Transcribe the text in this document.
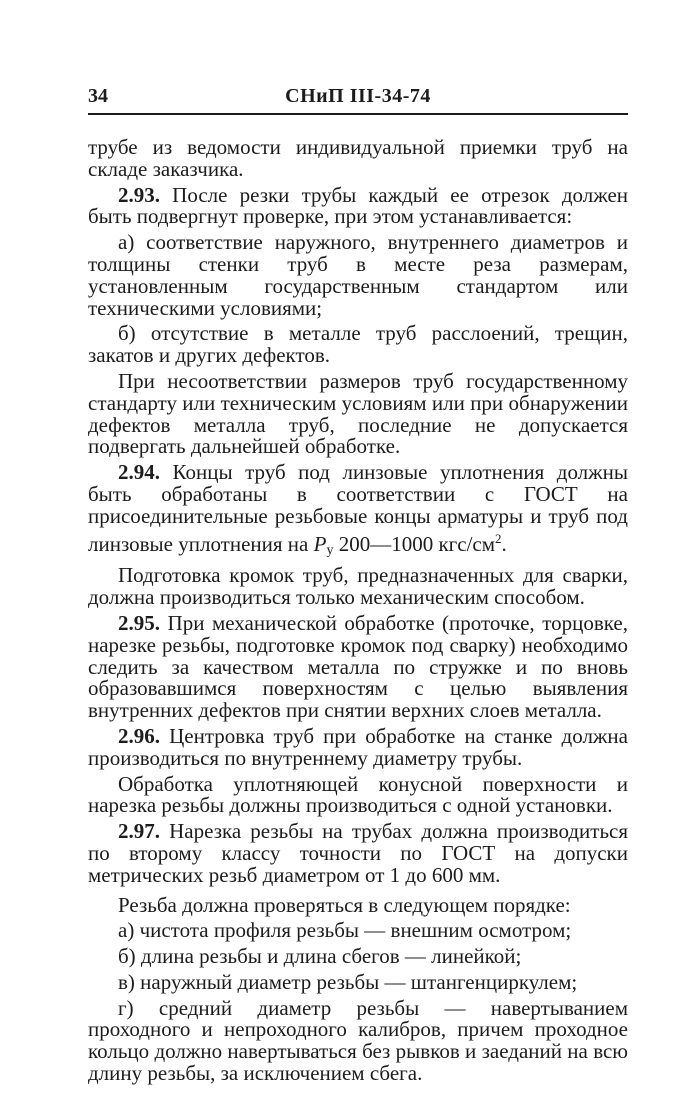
34	СНиП III-34-74

трубе из ведомости индивидуальной приемки труб на складе заказчика.

2.93. После резки трубы каждый ее отрезок должен быть подвергнут проверке, при этом устанавливается:

а) соответствие наружного, внутреннего диаметров и толщины стенки труб в месте реза размерам, установленным государственным стандартом или техническими условиями;

б) отсутствие в металле труб расслоений, трещин, закатов и других дефектов.

При несоответствии размеров труб государственному стандарту или техническим условиям или при обнаружении дефектов металла труб, последние не допускается подвергать дальнейшей обработке.

2.94. Концы труб под линзовые уплотнения должны быть обработаны в соответствии с ГОСТ на присоединительные резьбовые концы арматуры и труб под линзовые уплотнения на $P_у$ 200—1000 кгс/$см^2$.

Подготовка кромок труб, предназначенных для сварки, должна производиться только механическим способом.

2.95. При механической обработке (проточке, торцовке, нарезке резьбы, подготовке кромок под сварку) необходимо следить за качеством металла по стружке и по вновь образовавшимся поверхностям с целью выявления внутренних дефектов при снятии верхних слоев металла.

2.96. Центровка труб при обработке на станке должна производиться по внутреннему диаметру трубы.

Обработка уплотняющей конусной поверхности и нарезка резьбы должны производиться с одной установки.

2.97. Нарезка резьбы на трубах должна производиться по второму классу точности по ГОСТ на допуски метрических резьб диаметром от 1 до 600 мм.

Резьба должна проверяться в следующем порядке:

а) чистота профиля резьбы — внешним осмотром;

б) длина резьбы и длина сбегов — линейкой;

в) наружный диаметр резьбы — штангенциркулем;

г) средний диаметр резьбы — навертыванием проходного и непроходного калибров, причем проходное кольцо должно навертываться без рывков и заеданий на всю длину резьбы, за исключением сбега.
